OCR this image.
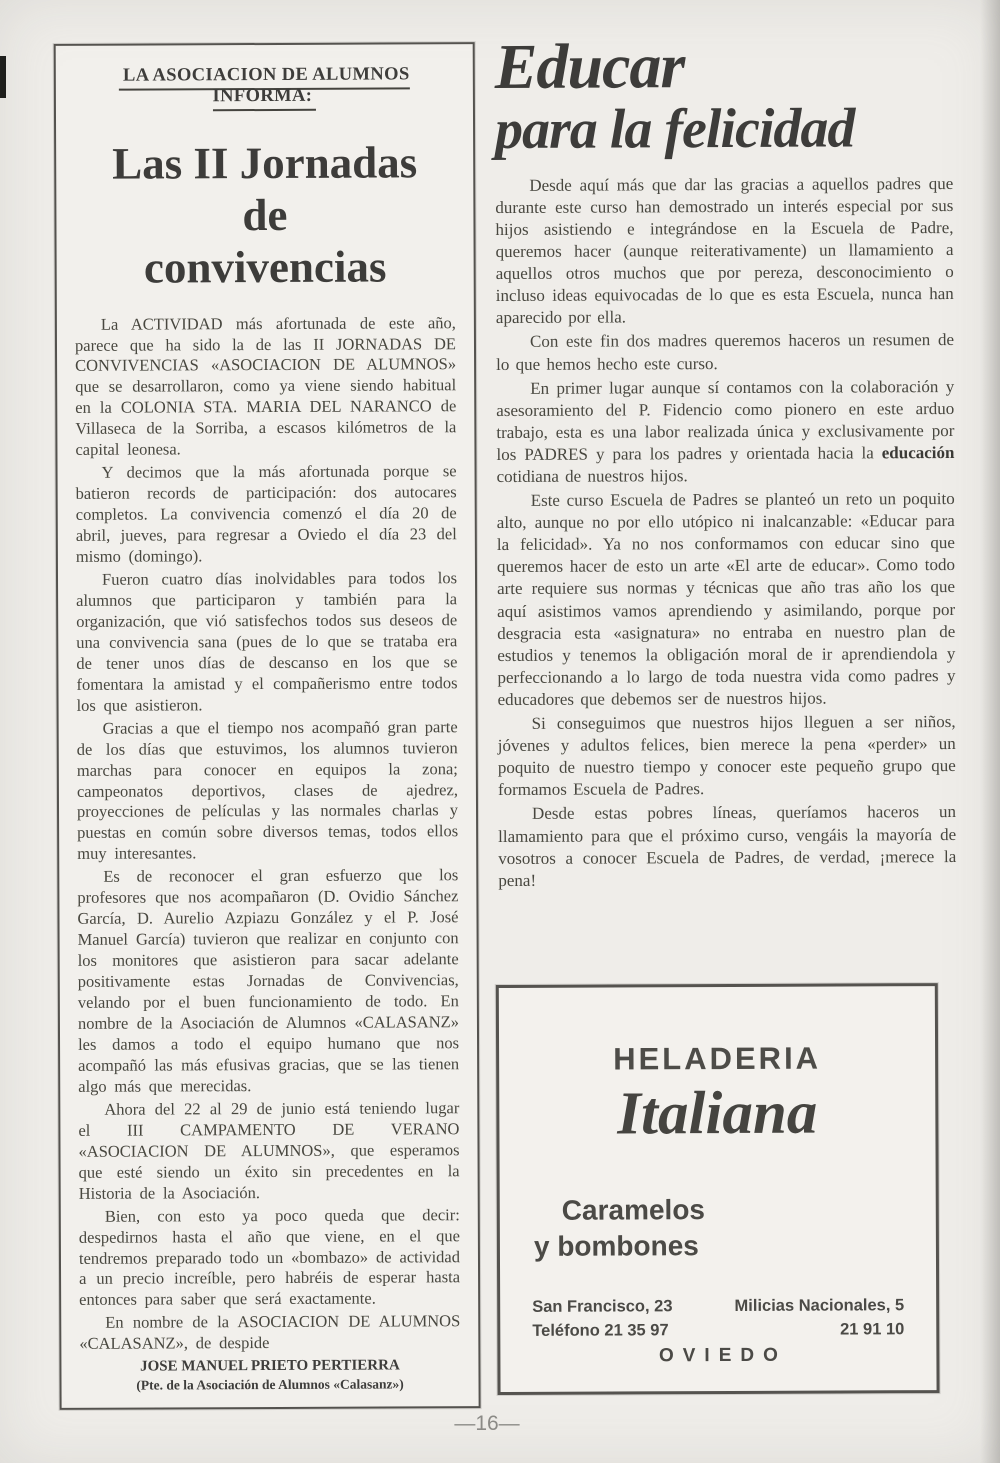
LA ASOCIACION DE ALUMNOS INFORMA:
Las II Jornadas
de
convivencias

La ACTIVIDAD más afortunada de este año, parece que ha sido la de las II JORNADAS DE CONVIVENCIAS «ASOCIACION DE ALUMNOS» que se desarrollaron, como ya viene siendo habitual en la COLONIA STA. MARIA DEL NARANCO de Villaseca de la Sorriba, a escasos kilómetros de la capital leonesa.

Y decimos que la más afortunada porque se batieron records de participación: dos autocares completos. La convivencia comenzó el día 20 de abril, jueves, para regresar a Oviedo el día 23 del mismo (domingo).

Fueron cuatro días inolvidables para todos los alumnos que participaron y también para la organización, que vió satisfechos todos sus deseos de una convivencia sana (pues de lo que se trataba era de tener unos días de descanso en los que se fomentara la amistad y el compañerismo entre todos los que asistieron.

Gracias a que el tiempo nos acompañó gran parte de los días que estuvimos, los alumnos tuvieron marchas para conocer en equipos la zona; campeonatos deportivos, clases de ajedrez, proyecciones de películas y las normales charlas y puestas en común sobre diversos temas, todos ellos muy interesantes.

Es de reconocer el gran esfuerzo que los profesores que nos acompañaron (D. Ovidio Sánchez García, D. Aurelio Azpiazu González y el P. José Manuel García) tuvieron que realizar en conjunto con los monitores que asistieron para sacar adelante positivamente estas Jornadas de Convivencias, velando por el buen funcionamiento de todo. En nombre de la Asociación de Alumnos «CALASANZ» les damos a todo el equipo humano que nos acompañó las más efusivas gracias, que se las tienen algo más que merecidas.

Ahora del 22 al 29 de junio está teniendo lugar el III CAMPAMENTO DE VERANO «ASOCIACION DE ALUMNOS», que esperamos que esté siendo un éxito sin precedentes en la Historia de la Asociación.

Bien, con esto ya poco queda que decir: despedirnos hasta el año que viene, en el que tendremos preparado todo un «bombazo» de actividad a un precio increíble, pero habréis de esperar hasta entonces para saber que será exactamente.

En nombre de la ASOCIACION DE ALUMNOS «CALASANZ», de despide

JOSE MANUEL PRIETO PERTIERRA
(Pte. de la Asociación de Alumnos «Calasanz»)
Educar
para la felicidad

Desde aquí más que dar las gracias a aquellos padres que durante este curso han demostrado un interés especial por sus hijos asistiendo e integrándose en la Escuela de Padre, queremos hacer (aunque reiterativamente) un llamamiento a aquellos otros muchos que por pereza, desconocimiento o incluso ideas equivocadas de lo que es esta Escuela, nunca han aparecido por ella.

Con este fin dos madres queremos haceros un resumen de lo que hemos hecho este curso.

En primer lugar aunque sí contamos con la colaboración y asesoramiento del P. Fidencio como pionero en este arduo trabajo, esta es una labor realizada única y exclusivamente por los PADRES y para los padres y orientada hacia la educación cotidiana de nuestros hijos.

Este curso Escuela de Padres se planteó un reto un poquito alto, aunque no por ello utópico ni inalcanzable: «Educar para la felicidad». Ya no nos conformamos con educar sino que queremos hacer de esto un arte «El arte de educar». Como todo arte requiere sus normas y técnicas que año tras año los que aquí asistimos vamos aprendiendo y asimilando, porque por desgracia esta «asignatura» no entraba en nuestro plan de estudios y tenemos la obligación moral de ir aprendiendola y perfeccionando a lo largo de toda nuestra vida como padres y educadores que debemos ser de nuestros hijos.

Si conseguimos que nuestros hijos lleguen a ser niños, jóvenes y adultos felices, bien merece la pena «perder» un poquito de nuestro tiempo y conocer este pequeño grupo que formamos Escuela de Padres.

Desde estas pobres líneas, queríamos haceros un llamamiento para que el próximo curso, vengáis la mayoría de vosotros a conocer Escuela de Padres, de verdad, ¡merece la pena!

HELADERIA
Italiana
Caramelos
y bombones
San Francisco, 23
Teléfono 21 35 97
Milicias Nacionales, 5
21 91 10
OVIEDO
—16—
